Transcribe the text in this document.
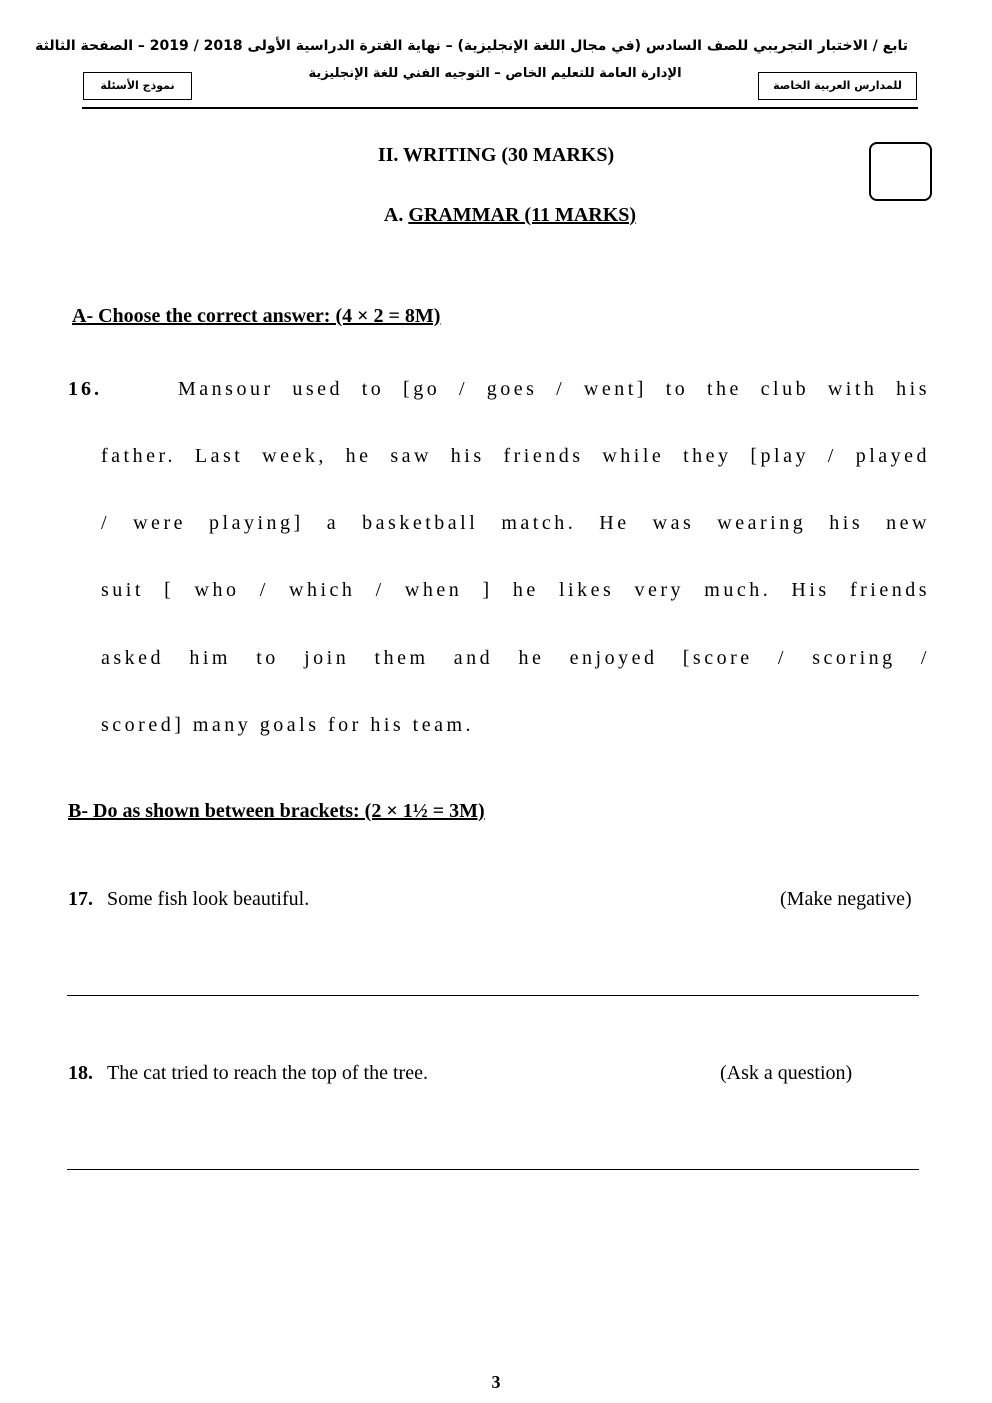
تابع / الاختبار التجريبي للصف السادس (في مجال اللغة الإنجليزية) – نهاية الفترة الدراسية الأولى 2018 / 2019 – الصفحة الثالثة
الإدارة العامة للتعليم الخاص – التوجيه الفني للغة الإنجليزية
نموذج الأسئلة	للمدارس العربية الخاصة
II. WRITING (30 MARKS)
A. GRAMMAR (11 MARKS)
A- Choose the correct answer: (4 × 2 = 8M)
16.	Mansour used to [go / goes / went] to the club with his
father. Last week, he saw his friends while they [play / played
/ were playing] a basketball match. He was wearing his new
suit [ who / which / when ] he likes very much. His friends
asked him to join them and he enjoyed [score / scoring /
scored] many goals for his team.
B- Do as shown between brackets: (2 × 1½ = 3M)
17. Some fish look beautiful.	(Make negative)
18. The cat tried to reach the top of the tree.	(Ask a question)
3
